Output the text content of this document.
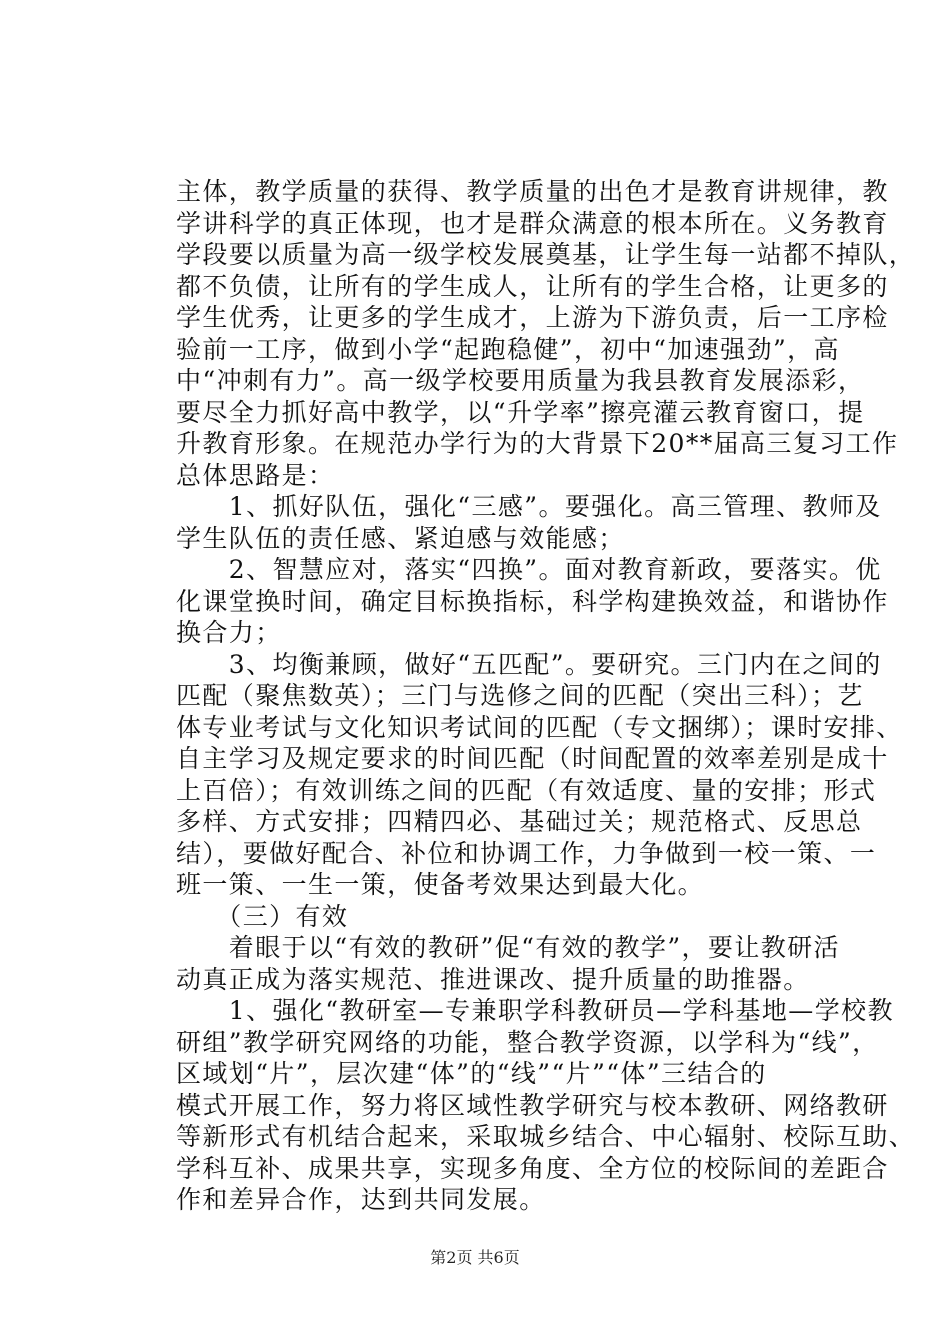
主体，教学质量的获得、教学质量的出色才是教育讲规律，教
学讲科学的真正体现，也才是群众满意的根本所在。义务教育
学段要以质量为高一级学校发展奠基，让学生每一站都不掉队，
都不负债，让所有的学生成人，让所有的学生合格，让更多的
学生优秀，让更多的学生成才，上游为下游负责，后一工序检
验前一工序，做到小学“起跑稳健”，初中“加速强劲”，高
中“冲刺有力”。高一级学校要用质量为我县教育发展添彩，
要尽全力抓好高中教学，以“升学率”擦亮灌云教育窗口，提
升教育形象。在规范办学行为的大背景下20**届高三复习工作
总体思路是：
　　1、抓好队伍，强化“三感”。要强化。高三管理、教师及
学生队伍的责任感、紧迫感与效能感；
　　2、智慧应对，落实“四换”。面对教育新政，要落实。优
化课堂换时间，确定目标换指标，科学构建换效益，和谐协作
换合力；
　　3、均衡兼顾，做好“五匹配”。要研究。三门内在之间的
匹配（聚焦数英）；三门与选修之间的匹配（突出三科）；艺
体专业考试与文化知识考试间的匹配（专文捆绑）；课时安排、
自主学习及规定要求的时间匹配（时间配置的效率差别是成十
上百倍）；有效训练之间的匹配（有效适度、量的安排；形式
多样、方式安排；四精四必、基础过关；规范格式、反思总
结），要做好配合、补位和协调工作，力争做到一校一策、一
班一策、一生一策，使备考效果达到最大化。
　　（三）有效
　　着眼于以“有效的教研”促“有效的教学”，要让教研活
动真正成为落实规范、推进课改、提升质量的助推器。
　　1、强化“教研室—专兼职学科教研员—学科基地—学校教
研组”教学研究网络的功能，整合教学资源，以学科为“线”，
区域划“片”，层次建“体”的“线”“片”“体”三结合的
模式开展工作，努力将区域性教学研究与校本教研、网络教研
等新形式有机结合起来，采取城乡结合、中心辐射、校际互助、
学科互补、成果共享，实现多角度、全方位的校际间的差距合
作和差异合作，达到共同发展。
第2页 共6页
